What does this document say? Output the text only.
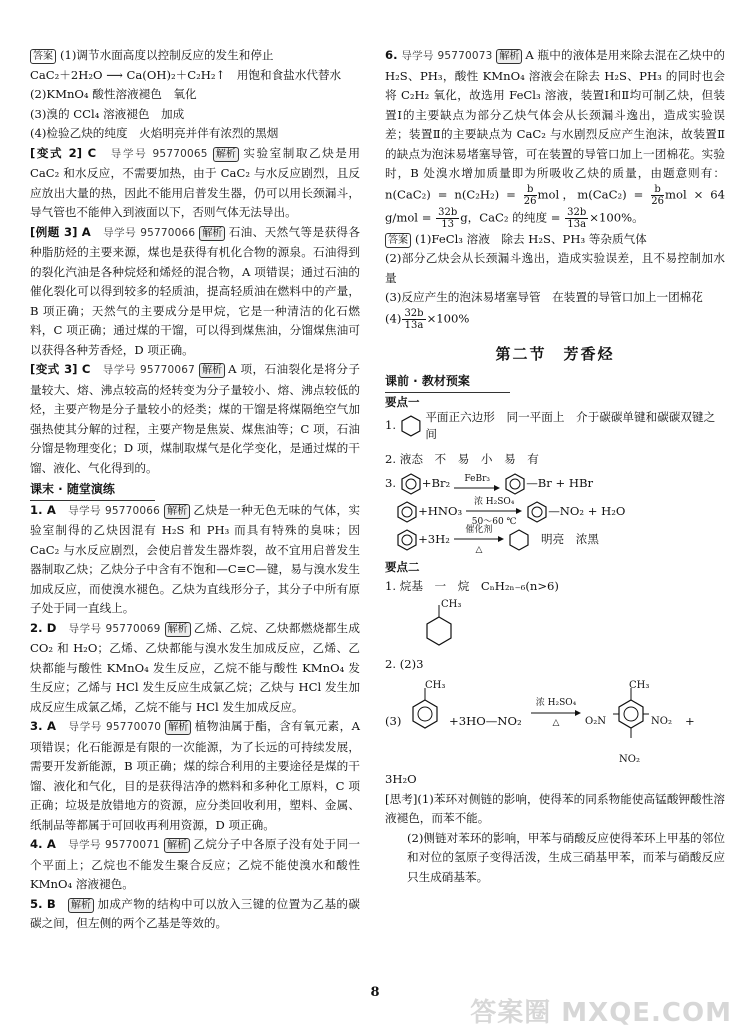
答案 (1)调节水面高度以控制反应的发生和停止

CaC₂＋2H₂O ⟶ Ca(OH)₂＋C₂H₂↑　用饱和食盐水代替水

(2)KMnO₄ 酸性溶液褪色　氧化

(3)溴的 CCl₄ 溶液褪色　加成

(4)检验乙炔的纯度　火焰明亮并伴有浓烈的黑烟

[变式 2] C　 导学号 95770065 解析 实验室制取乙炔是用 CaC₂ 和水反应，不需要加热，由于 CaC₂ 与水反应剧烈，且反应放出大量的热，因此不能用启普发生器，仍可以用长颈漏斗，导气管也不能伸入到液面以下，否则气体无法导出。

[例题 3] A　 导学号 95770066 解析 石油、天然气等是获得各种脂肪烃的主要来源，煤也是获得有机化合物的源泉。石油得到的裂化汽油是各种烷烃和烯烃的混合物，A 项错误；通过石油的催化裂化可以得到较多的轻质油，提高轻质油在燃料中的产量，B 项正确；天然气的主要成分是甲烷，它是一种清洁的化石燃料，C 项正确；通过煤的干馏，可以得到煤焦油，分馏煤焦油可以获得各种芳香烃，D 项正确。

[变式 3] C　 导学号 95770067 解析 A 项，石油裂化是将分子量较大、熔、沸点较高的烃转变为分子量较小、熔、沸点较低的烃，主要产物是分子量较小的烃类；煤的干馏是将煤隔绝空气加强热使其分解的过程，主要产物是焦炭、煤焦油等；C 项，石油分馏是物理变化；D 项，煤制取煤气是化学变化，是通过煤的干馏、液化、气化得到的。

课末 · 随堂演练

1. A　 导学号 95770066 解析 乙炔是一种无色无味的气体，实验室制得的乙炔因混有 H₂S 和 PH₃ 而具有特殊的臭味；因 CaC₂ 与水反应剧烈，会使启普发生器炸裂，故不宜用启普发生器制取乙炔；乙炔分子中含有不饱和—C≡C—键，易与溴水发生加成反应，而使溴水褪色。乙炔为直线形分子，其分子中所有原子处于同一直线上。

2. D　 导学号 95770069 解析 乙烯、乙烷、乙炔都燃烧都生成 CO₂ 和 H₂O；乙烯、乙炔都能与溴水发生加成反应，乙烯、乙炔都能与酸性 KMnO₄ 发生反应，乙烷不能与酸性 KMnO₄ 发生反应；乙烯与 HCl 发生反应生成氯乙烷；乙炔与 HCl 发生加成反应生成氯乙烯，乙烷不能与 HCl 发生加成反应。

3. A　 导学号 95770070 解析 植物油属于酯，含有氧元素，A 项错误；化石能源是有限的一次能源，为了长远的可持续发展，需要开发新能源，B 项正确；煤的综合利用的主要途径是煤的干馏、液化和气化，目的是获得洁净的燃料和多种化工原料，C 项正确；垃圾是放错地方的资源，应分类回收利用，塑料、金属、纸制品等都属于可回收再利用资源，D 项正确。

4. A　 导学号 95770071 解析 乙烷分子中各原子没有处于同一个平面上；乙烷也不能发生聚合反应；乙烷不能使溴水和酸性 KMnO₄ 溶液褪色。

5. B　 解析 加成产物的结构中可以放入三键的位置为乙基的碳碳之间，但左侧的两个乙基是等效的。

6. 导学号 95770073 解析 A 瓶中的液体是用来除去混在乙炔中的 H₂S、PH₃，酸性 KMnO₄ 溶液会在除去 H₂S、PH₃ 的同时也会将 C₂H₂ 氧化，故选用 FeCl₃ 溶液，装置Ⅰ和Ⅱ均可制乙炔，但装置Ⅰ的主要缺点为部分乙炔气体会从长颈漏斗逸出，造成实验误差；装置Ⅱ的主要缺点为 CaC₂ 与水剧烈反应产生泡沫，故装置Ⅱ的缺点为泡沫易堵塞导管，可在装置的导管口加上一团棉花。实验时，B 处溴水增加质量即为所吸收乙炔的质量，由题意则有：$n(CaC_2) = n(C_2H_2) = \frac{b}{26}$ mol，$m(CaC_2) = \frac{b}{26}$ mol × 64 $g/mol = \frac{32b}{13}$ g，CaC₂ 的纯度 = $\frac{32b}{13a} \times 100\%$。

答案 (1)FeCl₃ 溶液　除去 H₂S、PH₃ 等杂质气体

(2)部分乙炔会从长颈漏斗逸出，造成实验误差，且不易控制加水量

(3)反应产生的泡沫易堵塞导管　在装置的导管口加上一团棉花

$(4) \frac{32b}{13a} \times 100\%$

第二节　芳香烃
课前 · 教材预案
要点一
1.

平面正六边形　同一平面上　介于碳碳单键和碳碳双键之间

2. 液态　不　易　小　易　有

3.
+Br₂	FeBr₃	—Br + HBr

+HNO₃
浓 H₂SO₄
50～60 ℃
—NO₂ + H₂O

+3H₂
催化剂
△

明亮　浓黑
要点二

1. 烷基　一　烷　CₙH₂ₙ₋₆(n>6)

CH₃

2. (2)3

(3)
CH₃
+3HO—NO₂
浓 H₂SO₄
△	O₂N
CH₃
NO₂
NO₂
+

3H₂O

[思考](1)苯环对侧链的影响，使得苯的同系物能使高锰酸钾酸性溶液褪色，而苯不能。

(2)侧链对苯环的影响，甲苯与硝酸反应使得苯环上甲基的邻位和对位的氢原子变得活泼，生成三硝基甲苯，而苯与硝酸反应只生成硝基苯。

8
答案圈 MXQE.COM
